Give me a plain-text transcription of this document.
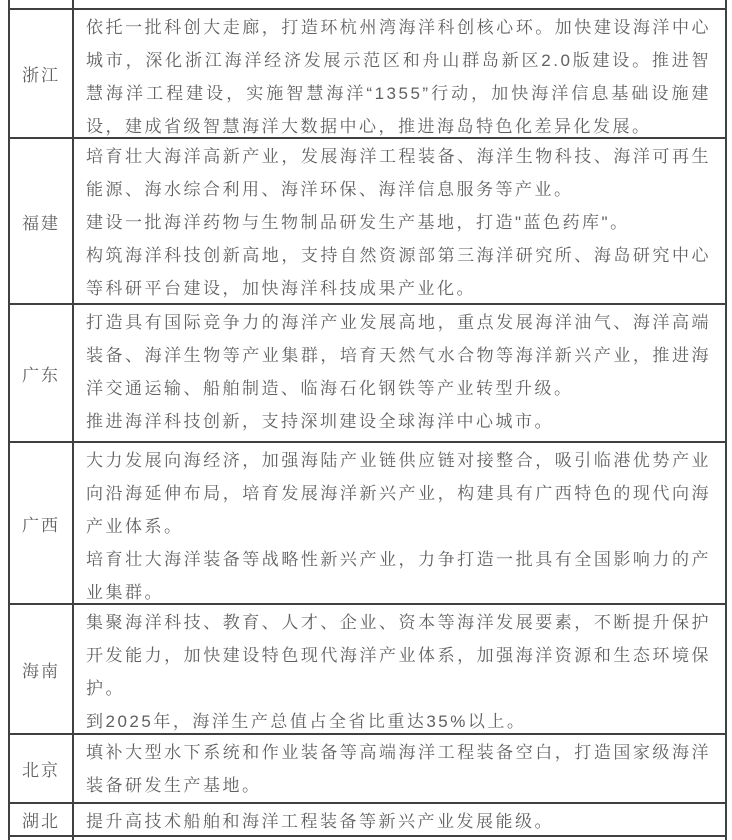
浙江

依托一批科创大走廊，打造环杭州湾海洋科创核心环。加快建设海洋中心城市，深化浙江海洋经济发展示范区和舟山群岛新区2.0版建设。推进智慧海洋工程建设，实施智慧海洋“1355”行动，加快海洋信息基础设施建设，建成省级智慧海洋大数据中心，推进海岛特色化差异化发展。

福建

培育壮大海洋高新产业，发展海洋工程装备、海洋生物科技、海洋可再生能源、海水综合利用、海洋环保、海洋信息服务等产业。

建设一批海洋药物与生物制品研发生产基地，打造"蓝色药库"。

构筑海洋科技创新高地，支持自然资源部第三海洋研究所、海岛研究中心等科研平台建设，加快海洋科技成果产业化。

广东

打造具有国际竞争力的海洋产业发展高地，重点发展海洋油气、海洋高端装备、海洋生物等产业集群，培育天然气水合物等海洋新兴产业，推进海洋交通运输、船舶制造、临海石化钢铁等产业转型升级。

推进海洋科技创新，支持深圳建设全球海洋中心城市。

广西

大力发展向海经济，加强海陆产业链供应链对接整合，吸引临港优势产业向沿海延伸布局，培育发展海洋新兴产业，构建具有广西特色的现代向海产业体系。

培育壮大海洋装备等战略性新兴产业，力争打造一批具有全国影响力的产业集群。

海南

集聚海洋科技、教育、人才、企业、资本等海洋发展要素，不断提升保护开发能力，加快建设特色现代海洋产业体系，加强海洋资源和生态环境保护。

到2025年，海洋生产总值占全省比重达35%以上。

北京

填补大型水下系统和作业装备等高端海洋工程装备空白，打造国家级海洋装备研发生产基地。

湖北 提升高技术船舶和海洋工程装备等新兴产业发展能级。
